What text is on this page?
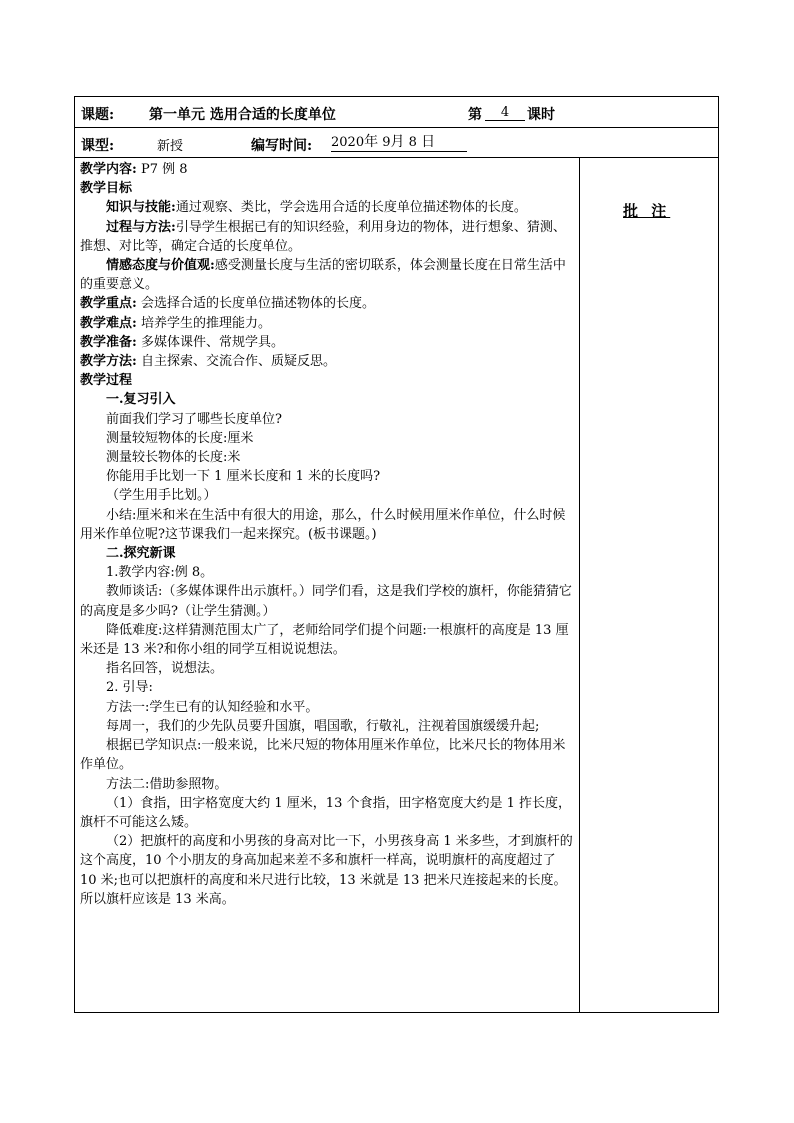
课题: 第一单元 选用合适的长度单位	第	4	课时
课型:	新授	编写时间: 2020年 9月 8 日
批 注

教学内容: P7 例 8

教学目标

知识与技能:通过观察、类比，学会选用合适的长度单位描述物体的长度。

过程与方法:引导学生根据已有的知识经验，利用身边的物体，进行想象、猜测、推想、对比等，确定合适的长度单位。

情感态度与价值观:感受测量长度与生活的密切联系，体会测量长度在日常生活中的重要意义。

教学重点: 会选择合适的长度单位描述物体的长度。

教学难点: 培养学生的推理能力。

教学准备: 多媒体课件、常规学具。

教学方法: 自主探索、交流合作、质疑反思。

教学过程

一.复习引入

前面我们学习了哪些长度单位?

测量较短物体的长度:厘米

测量较长物体的长度:米

你能用手比划一下 1 厘米长度和 1 米的长度吗?

（学生用手比划。）

小结:厘米和米在生活中有很大的用途，那么，什么时候用厘米作单位，什么时候用米作单位呢?这节课我们一起来探究。(板书课题。)

二.探究新课

1.教学内容:例 8。

教师谈话:（多媒体课件出示旗杆。）同学们看，这是我们学校的旗杆，你能猜猜它的高度是多少吗?（让学生猜测。）

降低难度:这样猜测范围太广了，老师给同学们提个问题:一根旗杆的高度是 13 厘米还是 13 米?和你小组的同学互相说说想法。

指名回答，说想法。

2. 引导:

方法一:学生已有的认知经验和水平。

每周一，我们的少先队员要升国旗，唱国歌，行敬礼，注视着国旗缓缓升起;

根据已学知识点:一般来说，比米尺短的物体用厘米作单位，比米尺长的物体用米作单位。

方法二:借助参照物。

（1）食指，田字格宽度大约 1 厘米，13 个食指，田字格宽度大约是 1 拃长度，旗杆不可能这么矮。

（2）把旗杆的高度和小男孩的身高对比一下，小男孩身高 1 米多些，才到旗杆的这个高度，10 个小朋友的身高加起来差不多和旗杆一样高，说明旗杆的高度超过了 10 米;也可以把旗杆的高度和米尺进行比较，13 米就是 13 把米尺连接起来的长度。所以旗杆应该是 13 米高。
